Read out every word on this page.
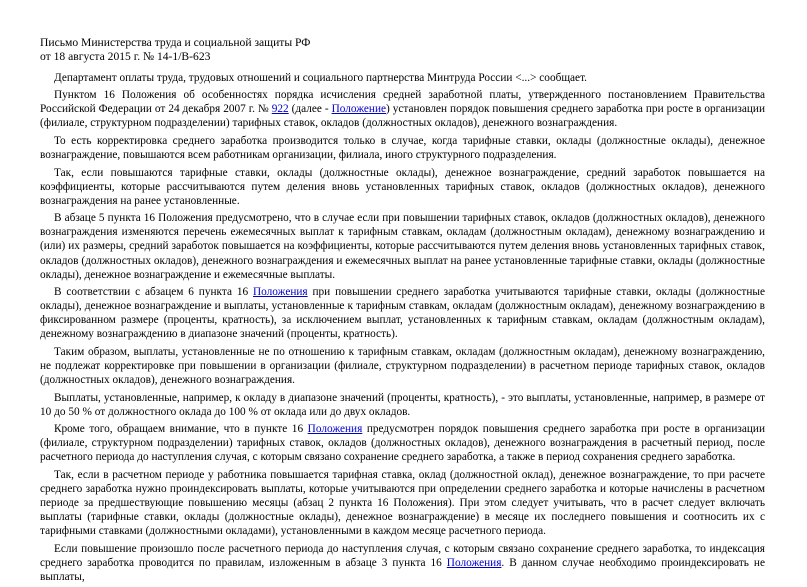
Письмо Министерства труда и социальной защиты РФ

от 18 августа 2015 г. № 14-1/В-623

Департамент оплаты труда, трудовых отношений и социального партнерства Минтруда России <...> сообщает.

Пунктом 16 Положения об особенностях порядка исчисления средней заработной платы, утвержденного постановлением Правительства Российской Федерации от 24 декабря 2007 г. № 922 (далее - Положение) установлен порядок повышения среднего заработка при росте в организации (филиале, структурном подразделении) тарифных ставок, окладов (должностных окладов), денежного вознаграждения.

То есть корректировка среднего заработка производится только в случае, когда тарифные ставки, оклады (должностные оклады), денежное вознаграждение, повышаются всем работникам организации, филиала, иного структурного подразделения.

Так, если повышаются тарифные ставки, оклады (должностные оклады), денежное вознаграждение, средний заработок повышается на коэффициенты, которые рассчитываются путем деления вновь установленных тарифных ставок, окладов (должностных окладов), денежного вознаграждения на ранее установленные.

В абзаце 5 пункта 16 Положения предусмотрено, что в случае если при повышении тарифных ставок, окладов (должностных окладов), денежного вознаграждения изменяются перечень ежемесячных выплат к тарифным ставкам, окладам (должностным окладам), денежному вознаграждению и (или) их размеры, средний заработок повышается на коэффициенты, которые рассчитываются путем деления вновь установленных тарифных ставок, окладов (должностных окладов), денежного вознаграждения и ежемесячных выплат на ранее установленные тарифные ставки, оклады (должностные оклады), денежное вознаграждение и ежемесячные выплаты.

В соответствии с абзацем 6 пункта 16 Положения при повышении среднего заработка учитываются тарифные ставки, оклады (должностные оклады), денежное вознаграждение и выплаты, установленные к тарифным ставкам, окладам (должностным окладам), денежному вознаграждению в фиксированном размере (проценты, кратность), за исключением выплат, установленных к тарифным ставкам, окладам (должностным окладам), денежному вознаграждению в диапазоне значений (проценты, кратность).

Таким образом, выплаты, установленные не по отношению к тарифным ставкам, окладам (должностным окладам), денежному вознаграждению, не подлежат корректировке при повышении в организации (филиале, структурном подразделении) в расчетном периоде тарифных ставок, окладов (должностных окладов), денежного вознаграждения.

Выплаты, установленные, например, к окладу в диапазоне значений (проценты, кратность), - это выплаты, установленные, например, в размере от 10 до 50 % от должностного оклада до 100 % от оклада или до двух окладов.

Кроме того, обращаем внимание, что в пункте 16 Положения предусмотрен порядок повышения среднего заработка при росте в организации (филиале, структурном подразделении) тарифных ставок, окладов (должностных окладов), денежного вознаграждения в расчетный период, после расчетного периода до наступления случая, с которым связано сохранение среднего заработка, а также в период сохранения среднего заработка.

Так, если в расчетном периоде у работника повышается тарифная ставка, оклад (должностной оклад), денежное вознаграждение, то при расчете среднего заработка нужно проиндексировать выплаты, которые учитываются при определении среднего заработка и которые начислены в расчетном периоде за предшествующие повышению месяцы (абзац 2 пункта 16 Положения). При этом следует учитывать, что в расчет следует включать выплаты (тарифные ставки, оклады (должностные оклады), денежное вознаграждение) в месяце их последнего повышения и соотносить их с тарифными ставками (должностными окладами), установленными в каждом месяце расчетного периода.

Если повышение произошло после расчетного периода до наступления случая, с которым связано сохранение среднего заработка, то индексация среднего заработка проводится по правилам, изложенным в абзаце 3 пункта 16 Положения. В данном случае необходимо проиндексировать не выплаты,
